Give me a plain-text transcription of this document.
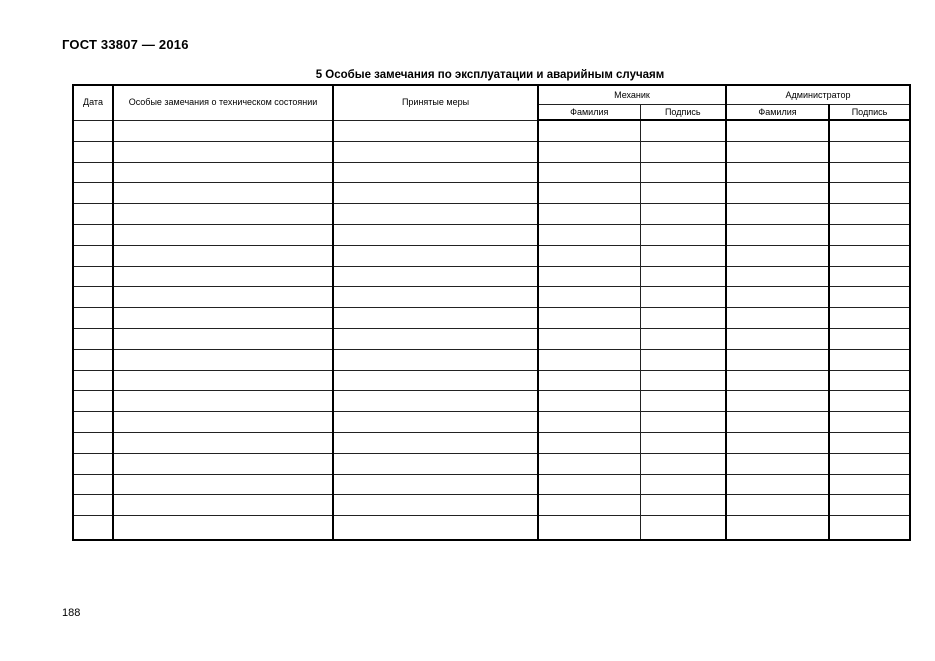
ГОСТ 33807 — 2016
5 Особые замечания по эксплуатации и аварийным случаям
Дата	Особые замечания о техническом состоянии	Принятые меры	Механик		Администратор	
			Фамилия	Подпись	Фамилия	Подпись

188
